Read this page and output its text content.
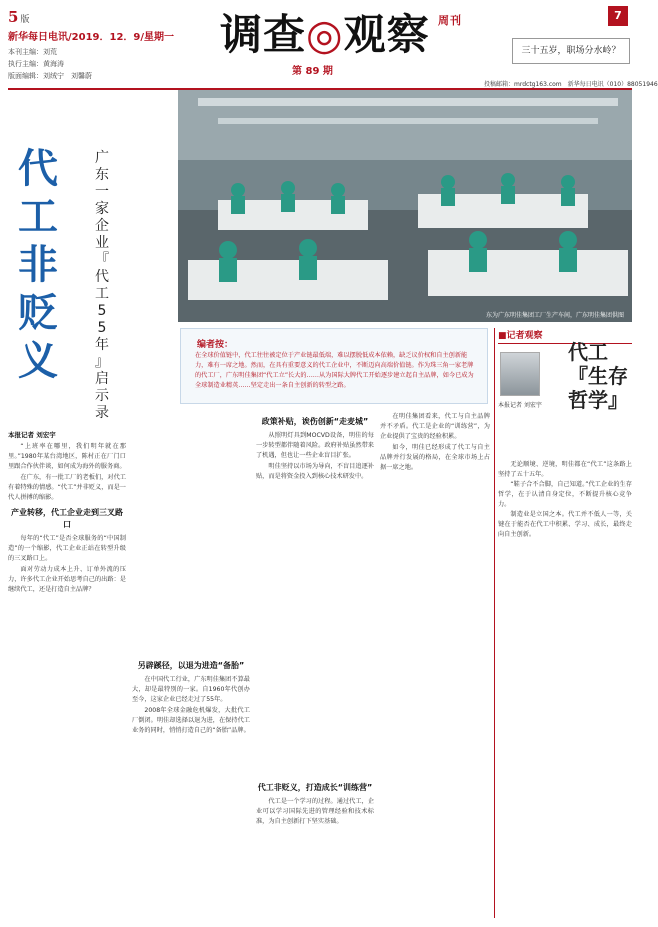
5 版
新华每日电讯/2019．12．9/星期一
本刊主编：刘荒
执行主编：黄海涛
版面编辑：刘绒宁　刘馨蔚
调查◎观察 周刊
第 89 期
7
三十五岁，职场分水岭？
投稿邮箱：mrdctg163.com　新华每日电讯（010）88051946
东为广东明佳集团工厂生产车间，广东明佳集团供图
代
工
非
贬
义
广
东
一
家
企
业
『
代
工
5
5
年
』
启
示
录
编者按：
在全球价值链中，代工往往被定位于产业链最低端，难以摆脱低成本依赖，缺乏议价权和自主创新能力，难有一席之地。然而，在具有重要意义的代工企业中，不断迈向高端价值链。作为珠三角一家老牌的代工厂，广东明佳集团“代工立”长大的……从为国际大牌代工开始逐步建立起自主品牌，如今已成为全球制造业精英……坚定走出一条自主创新的转型之路。
本报记者 刘宏宇

“上班率在哪里，我们明年就在那里。”1980年某台湾地区，陈村正在厂门口里跟合作伙伴谈，如何成为海外的服务商。

在广东，有一批工厂的老板们，对代工有着特殊的情感。“代工”并非贬义，而是一代人拼搏的缩影。

产业转移，代工企业走到三叉路口

每年的“代工”是否全球服务的“中国制造”的一个缩影，代工企业正站在转型升级的三叉路口上。

面对劳动力成本上升、订单外流的压力，许多代工企业开始思考自己的出路：是继续代工，还是打造自主品牌？

另辟蹊径，以退为进造“备胎”

在中国代工行业，广东明佳集团不算最大，却是最特别的一家。自1960年代创办至今，这家企业已经走过了55年。

2008年全球金融危机爆发，大批代工厂倒闭。明佳却选择以退为进，在保持代工业务的同时，悄悄打造自己的“备胎”品牌。

政策补贴，诶伤创新“走麦城”

从照明灯具到MOCVD设备，明佳的每一步转型都伴随着风险。政府补贴虽然带来了机遇，但也让一些企业盲目扩张。

明佳坚持以市场为导向，不盲目追逐补贴，而是将资金投入到核心技术研发中。

代工非贬义，打造成长“训练营”

代工是一个学习的过程。通过代工，企业可以学习国际先进的管理经验和技术标准，为自主创新打下坚实基础。

在明佳集团看来，代工与自主品牌并不矛盾。代工是企业的“训练营”，为企业提供了宝贵的经验积累。

如今，明佳已经形成了代工与自主品牌并行发展的格局，在全球市场上占据一席之地。

■记者观察
代工『生存哲学』
本报记者 刘宏宇

无论顺境、逆境，明佳都在“代工”这条路上坚持了五十五年。

“鞋子合不合脚，自己知道。”代工企业的生存哲学，在于认清自身定位，不断提升核心竞争力。

制造业是立国之本。代工并不低人一等，关键在于能否在代工中积累、学习、成长，最终走向自主创新。
